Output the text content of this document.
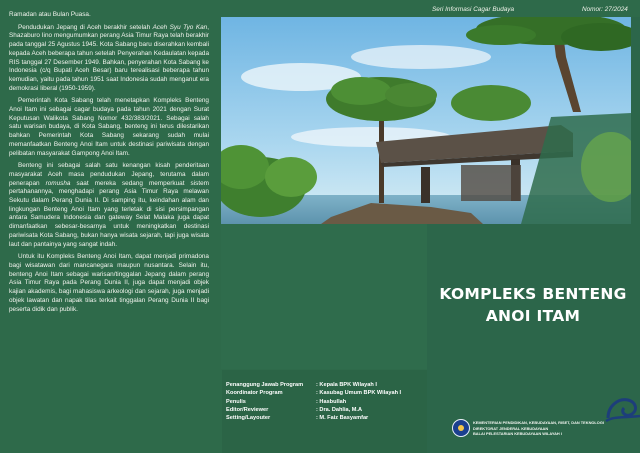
Ramadan atau Bulan Puasa.

Pendudukan Jepang di Aceh berakhir setelah Aceh Syu Tyo Kan, Shazaburo Iino mengumumkan perang Asia Timur Raya telah berakhir pada tanggal 25 Agustus 1945. Kota Sabang baru diserahkan kembali kepada Aceh beberapa tahun setelah Penyerahan Kedaulatan kepada RIS tanggal 27 Desember 1949. Bahkan, penyerahan Kota Sabang ke Indonesia (c/q Bupati Aceh Besar) baru terealisasi beberapa tahun kemudian, yaitu pada tahun 1951 saat Indonesia sudah menganut era demokrasi liberal (1950-1959).

Pemerintah Kota Sabang telah menetapkan Kompleks Benteng Anoi Itam ini sebagai cagar budaya pada tahun 2021 dengan Surat Keputusan Walikota Sabang Nomor 432/383/2021. Sebagai salah satu warisan budaya, di Kota Sabang, benteng ini terus dilestarikan bahkan Pemerintah Kota Sabang sekarang sudah mulai memanfaatkan Benteng Anoi Itam untuk destinasi pariwisata dengan pelibatan masyarakat Gampong Anoi Itam.

Benteng ini sebagai salah satu kenangan kisah penderitaan masyarakat Aceh masa pendudukan Jepang, terutama dalam penerapan romusha saat mereka sedang memperkuat sistem pertahanannya, menghadapi perang Asia Timur Raya melawan Sekutu dalam Perang Dunia II. Di samping itu, keindahan alam dan lingkungan Benteng Anoi Itam yang terletak di sisi persimpangan antara Samudera Indonesia dan gateway Selat Malaka juga dapat dimanfaatkan sebesar-besarnya untuk meningkatkan destinasi pariwisata Kota Sabang, bukan hanya wisata sejarah, tapi juga wisata laut dan pantainya yang sangat indah.

Untuk itu Kompleks Benteng Anoi Itam, dapat menjadi primadona bagi wisatawan dari mancanegara maupun nusantara. Selain itu, benteng Anoi Itam sebagai warisan/tinggalan Jepang dalam perang Asia Timur Raya pada Perang Dunia II, juga dapat menjadi objek kajian akademis, bagi mahasiswa arkeologi dan sejarah, juga menjadi objek lawatan dan napak tilas terkait tinggalan Perang Dunia II bagi peserta didik dan publik.

Seri Informasi Cagar Budaya	Nomor: 27/2024
KOMPLEKS BENTENG
ANOI ITAM
Penanggung Jawab Program	: Kepala BPK Wilayah I
Koordinator Program	: Kasubag Umum BPK Wilayah I
Penulis	: Hasbullah
Editor/Reviewer	: Dra. Dahlia, M.A
Setting/Layouter	: M. Faiz Basyamfar
KEMENTERIAN PENDIDIKAN, KEBUDAYAAN, RISET, DAN TEKNOLOGI
DIREKTORAT JENDERAL KEBUDAYAAN
BALAI PELESTARIAN KEBUDAYAAN WILAYAH I
